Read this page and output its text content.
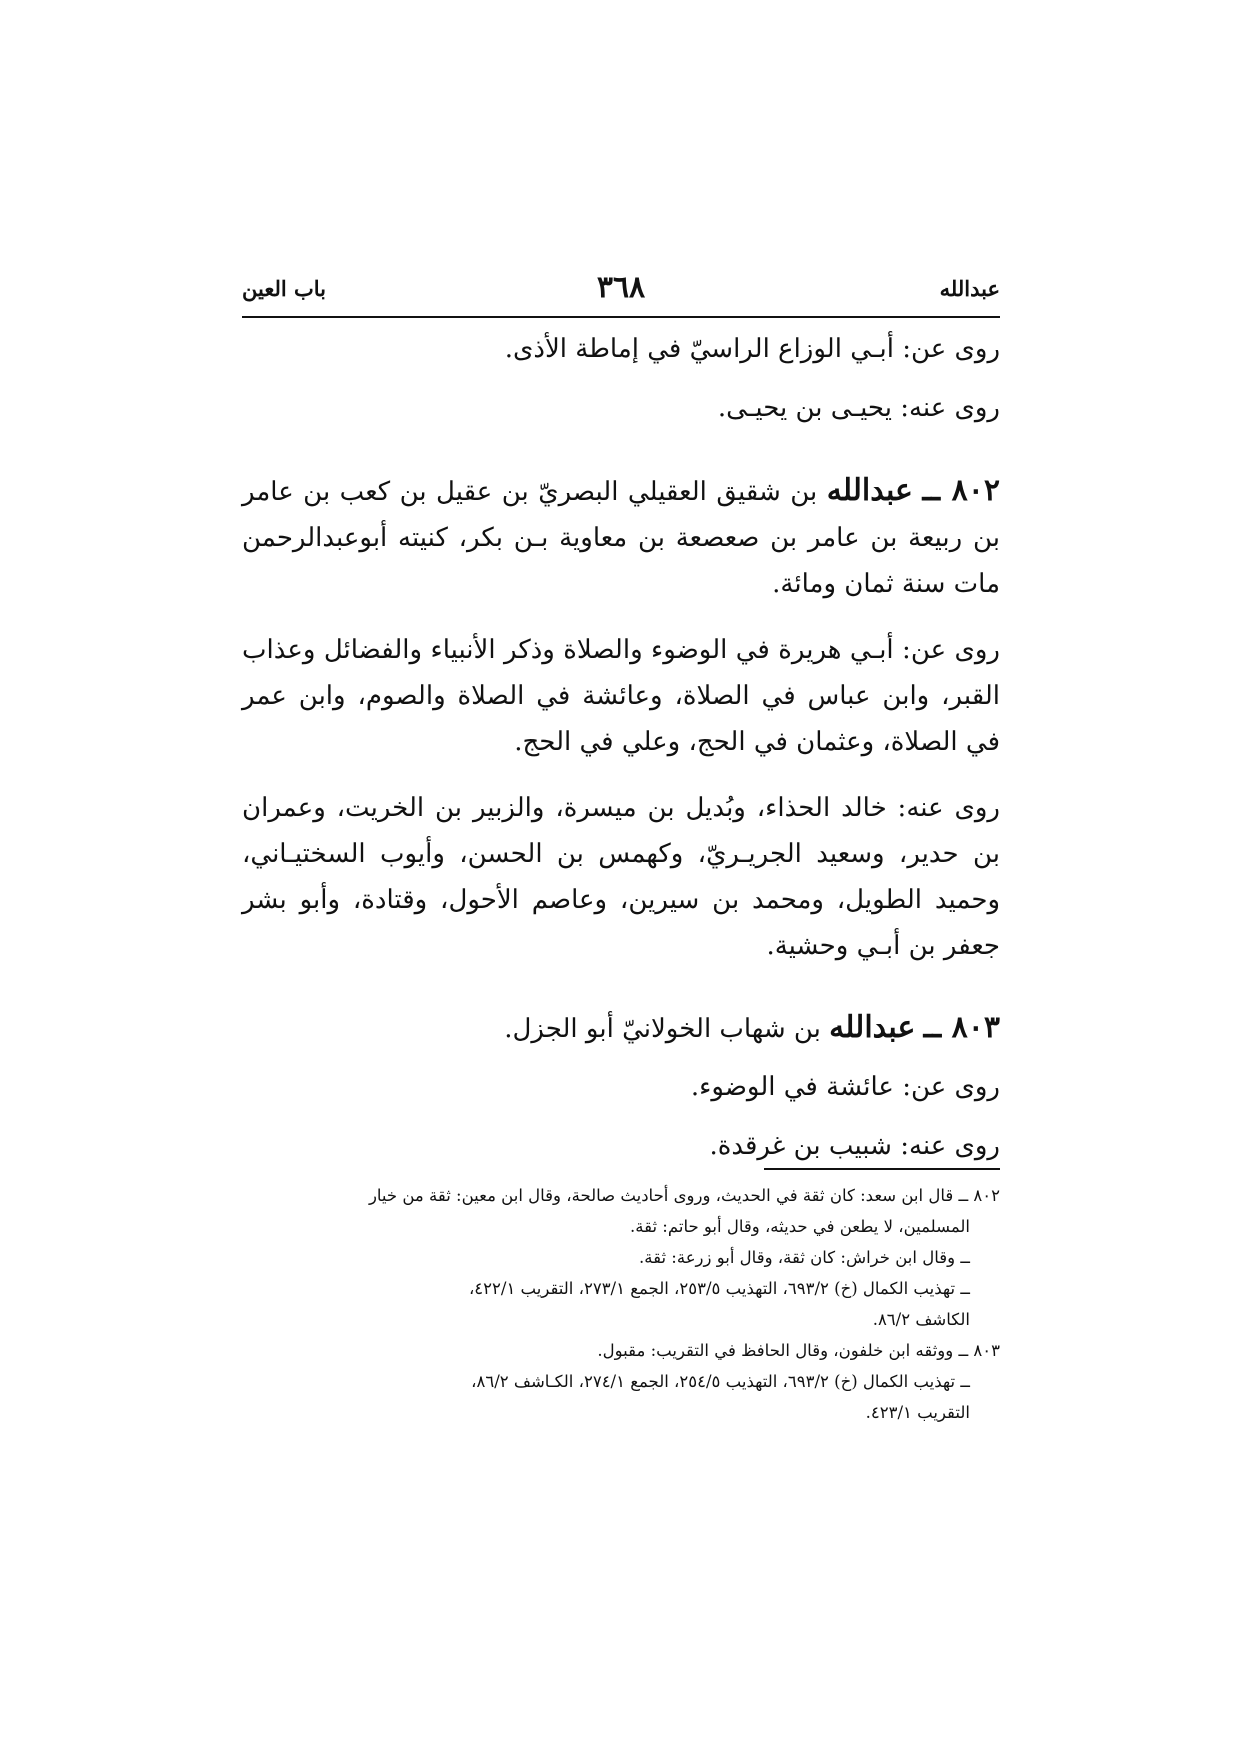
عبدالله
٣٦٨
باب العين
روى عن: أبـي الوزاع الراسيّ في إماطة الأذى.
روى عنه: يحيـى بن يحيـى.

٨٠٢ ــ عبدالله بن شقيق العقيلي البصريّ بن عقيل بن كعب بن عامر بن ربيعة بن عامر بن صعصعة بن معاوية بـن بكر، كنيته أبوعبدالرحمن مات سنة ثمان ومائة.

روى عن: أبـي هريرة في الوضوء والصلاة وذكر الأنبياء والفضائل وعذاب القبر، وابن عباس في الصلاة، وعائشة في الصلاة والصوم، وابن عمر في الصلاة، وعثمان في الحج، وعلي في الحج.

روى عنه: خالد الحذاء، وبُديل بن ميسرة، والزبير بن الخريت، وعمران بن حدير، وسعيد الجريـريّ، وكهمس بن الحسن، وأيوب السختيـاني، وحميد الطويل، ومحمد بن سيرين، وعاصم الأحول، وقتادة، وأبو بشر جعفر بن أبـي وحشية.

٨٠٣ ــ عبدالله بن شهاب الخولانيّ أبو الجزل.

روى عن: عائشة في الوضوء.
روى عنه: شبيب بن غرقدة.

٨٠٢ ــ قال ابن سعد: كان ثقة في الحديث، وروى أحاديث صالحة، وقال ابن معين: ثقة من خيار

المسلمين، لا يطعن في حديثه، وقال أبو حاتم: ثقة.

ــ وقال ابن خراش: كان ثقة، وقال أبو زرعة: ثقة.

ــ تهذيب الكمال (خ) ٦٩٣/٢، التهذيب ٢٥٣/٥، الجمع ٢٧٣/١، التقريب ٤٢٢/١،

الكاشف ٨٦/٢.

٨٠٣ ــ ووثقه ابن خلفون، وقال الحافظ في التقريب: مقبول.

ــ تهذيب الكمال (خ) ٦٩٣/٢، التهذيب ٢٥٤/٥، الجمع ٢٧٤/١، الكـاشف ٨٦/٢،

التقريب ٤٢٣/١.
